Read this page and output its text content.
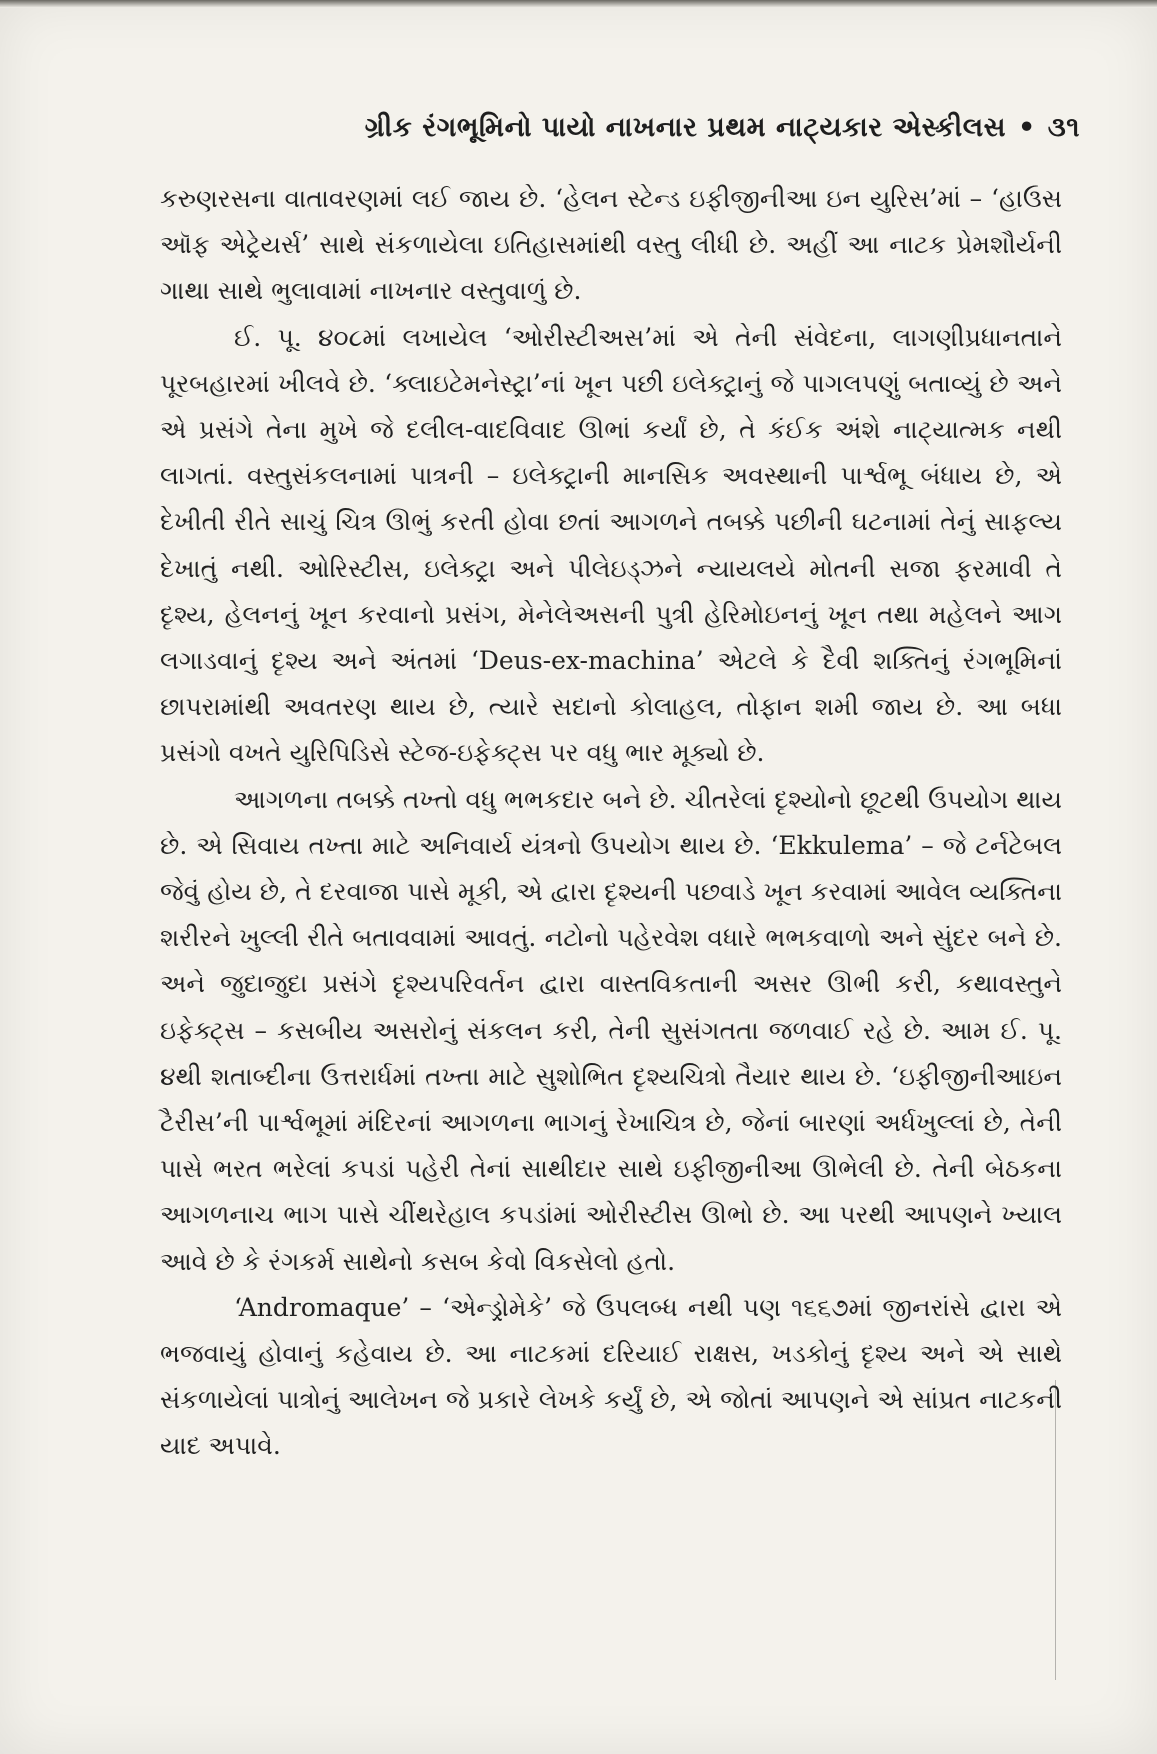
ગ્રીક રંગભૂમિનો પાયો નાખનાર પ્રથમ નાટ્યકાર એસ્કીલસ • ૩૧

કરુણરસના વાતાવરણમાં લઈ જાય છે. ‘હેલન સ્ટેન્ડ ઇફીજીનીઆ ઇન યુરિસ’માં – ‘હાઉસ ઑફ એટ્રેયર્સ’ સાથે સંકળાયેલા ઇતિહાસમાંથી વસ્તુ લીધી છે. અહીં આ નાટક પ્રેમશૌર્યની ગાથા સાથે ભુલાવામાં નાખનાર વસ્તુવાળું છે.

ઈ. પૂ. ૪૦૮માં લખાયેલ ‘ઓરીસ્ટીઅસ’માં એ તેની સંવેદના, લાગણીપ્રધાનતાને પૂરબહારમાં ખીલવે છે. ‘ક્લાઇટેમનેસ્ટ્રા’નાં ખૂન પછી ઇલેક્ટ્રાનું જે પાગલપણું બતાવ્યું છે અને એ પ્રસંગે તેના મુખે જે દલીલ-વાદવિવાદ ઊભાં કર્યાં છે, તે કંઈક અંશે નાટ્યાત્મક નથી લાગતાં. વસ્તુસંકલનામાં પાત્રની – ઇલેક્ટ્રાની માનસિક અવસ્થાની પાર્શ્વભૂ બંધાય છે, એ દેખીતી રીતે સાચું ચિત્ર ઊભું કરતી હોવા છતાં આગળને તબક્કે પછીની ઘટનામાં તેનું સાફલ્ય દેખાતું નથી. ઓરિસ્ટીસ, ઇલેક્ટ્રા અને પીલેઇડ્ઝને ન્યાયલયે મોતની સજા ફરમાવી તે દૃશ્ય, હેલનનું ખૂન કરવાનો પ્રસંગ, મેનેલેઅસની પુત્રી હેરિમોઇનનું ખૂન તથા મહેલને આગ લગાડવાનું દૃશ્ય અને અંતમાં ‘Deus-ex-machina’ એટલે કે દૈવી શક્તિનું રંગભૂમિનાં છાપરામાંથી અવતરણ થાય છે, ત્યારે સદાનો કોલાહલ, તોફાન શમી જાય છે. આ બધા પ્રસંગો વખતે યુરિપિડિસે સ્ટેજ-ઇફેક્ટ્સ પર વધુ ભાર મૂક્યો છે.

આગળના તબક્કે તખ્તો વધુ ભભકદાર બને છે. ચીતરેલાં દૃશ્યોનો છૂટથી ઉપયોગ થાય છે. એ સિવાય તખ્તા માટે અનિવાર્ય યંત્રનો ઉપયોગ થાય છે. ‘Ekkulema’ – જે ટર્નટેબલ જેવું હોય છે, તે દરવાજા પાસે મૂકી, એ દ્વારા દૃશ્યની પછવાડે ખૂન કરવામાં આવેલ વ્યક્તિના શરીરને ખુલ્લી રીતે બતાવવામાં આવતું. નટોનો પહેરવેશ વધારે ભભકવાળો અને સુંદર બને છે. અને જુદાજુદા પ્રસંગે દૃશ્યપરિવર્તન દ્વારા વાસ્તવિકતાની અસર ઊભી કરી, કથાવસ્તુને ઇફેક્ટ્સ – કસબીય અસરોનું સંકલન કરી, તેની સુસંગતતા જળવાઈ રહે છે. આમ ઈ. પૂ. ૪થી શતાબ્દીના ઉત્તરાર્ધમાં તખ્તા માટે સુશોભિત દૃશ્યચિત્રો તૈયાર થાય છે. ‘ઇફીજીનીઆઇન ટૈરીસ’ની પાર્શ્વભૂમાં મંદિરનાં આગળના ભાગનું રેખાચિત્ર છે, જેનાં બારણાં અર્ધખુલ્લાં છે, તેની પાસે ભરત ભરેલાં કપડાં પહેરી તેનાં સાથીદાર સાથે ઇફીજીનીઆ ઊભેલી છે. તેની બેઠકના આગળનાચ ભાગ પાસે ચીંથરેહાલ કપડાંમાં ઓરીસ્ટીસ ઊભો છે. આ પરથી આપણને ખ્યાલ આવે છે કે રંગકર્મ સાથેનો કસબ કેવો વિકસેલો હતો.

‘Andromaque’ – ‘એન્ડ્રોમેકે’ જે ઉપલબ્ધ નથી પણ ૧૬૬૭માં જીનરાંસે દ્વારા એ ભજવાયું હોવાનું કહેવાય છે. આ નાટકમાં દરિયાઈ રાક્ષસ, ખડકોનું દૃશ્ય અને એ સાથે સંકળાયેલાં પાત્રોનું આલેખન જે પ્રકારે લેખકે કર્યું છે, એ જોતાં આપણને એ સાંપ્રત નાટકની યાદ અપાવે.
